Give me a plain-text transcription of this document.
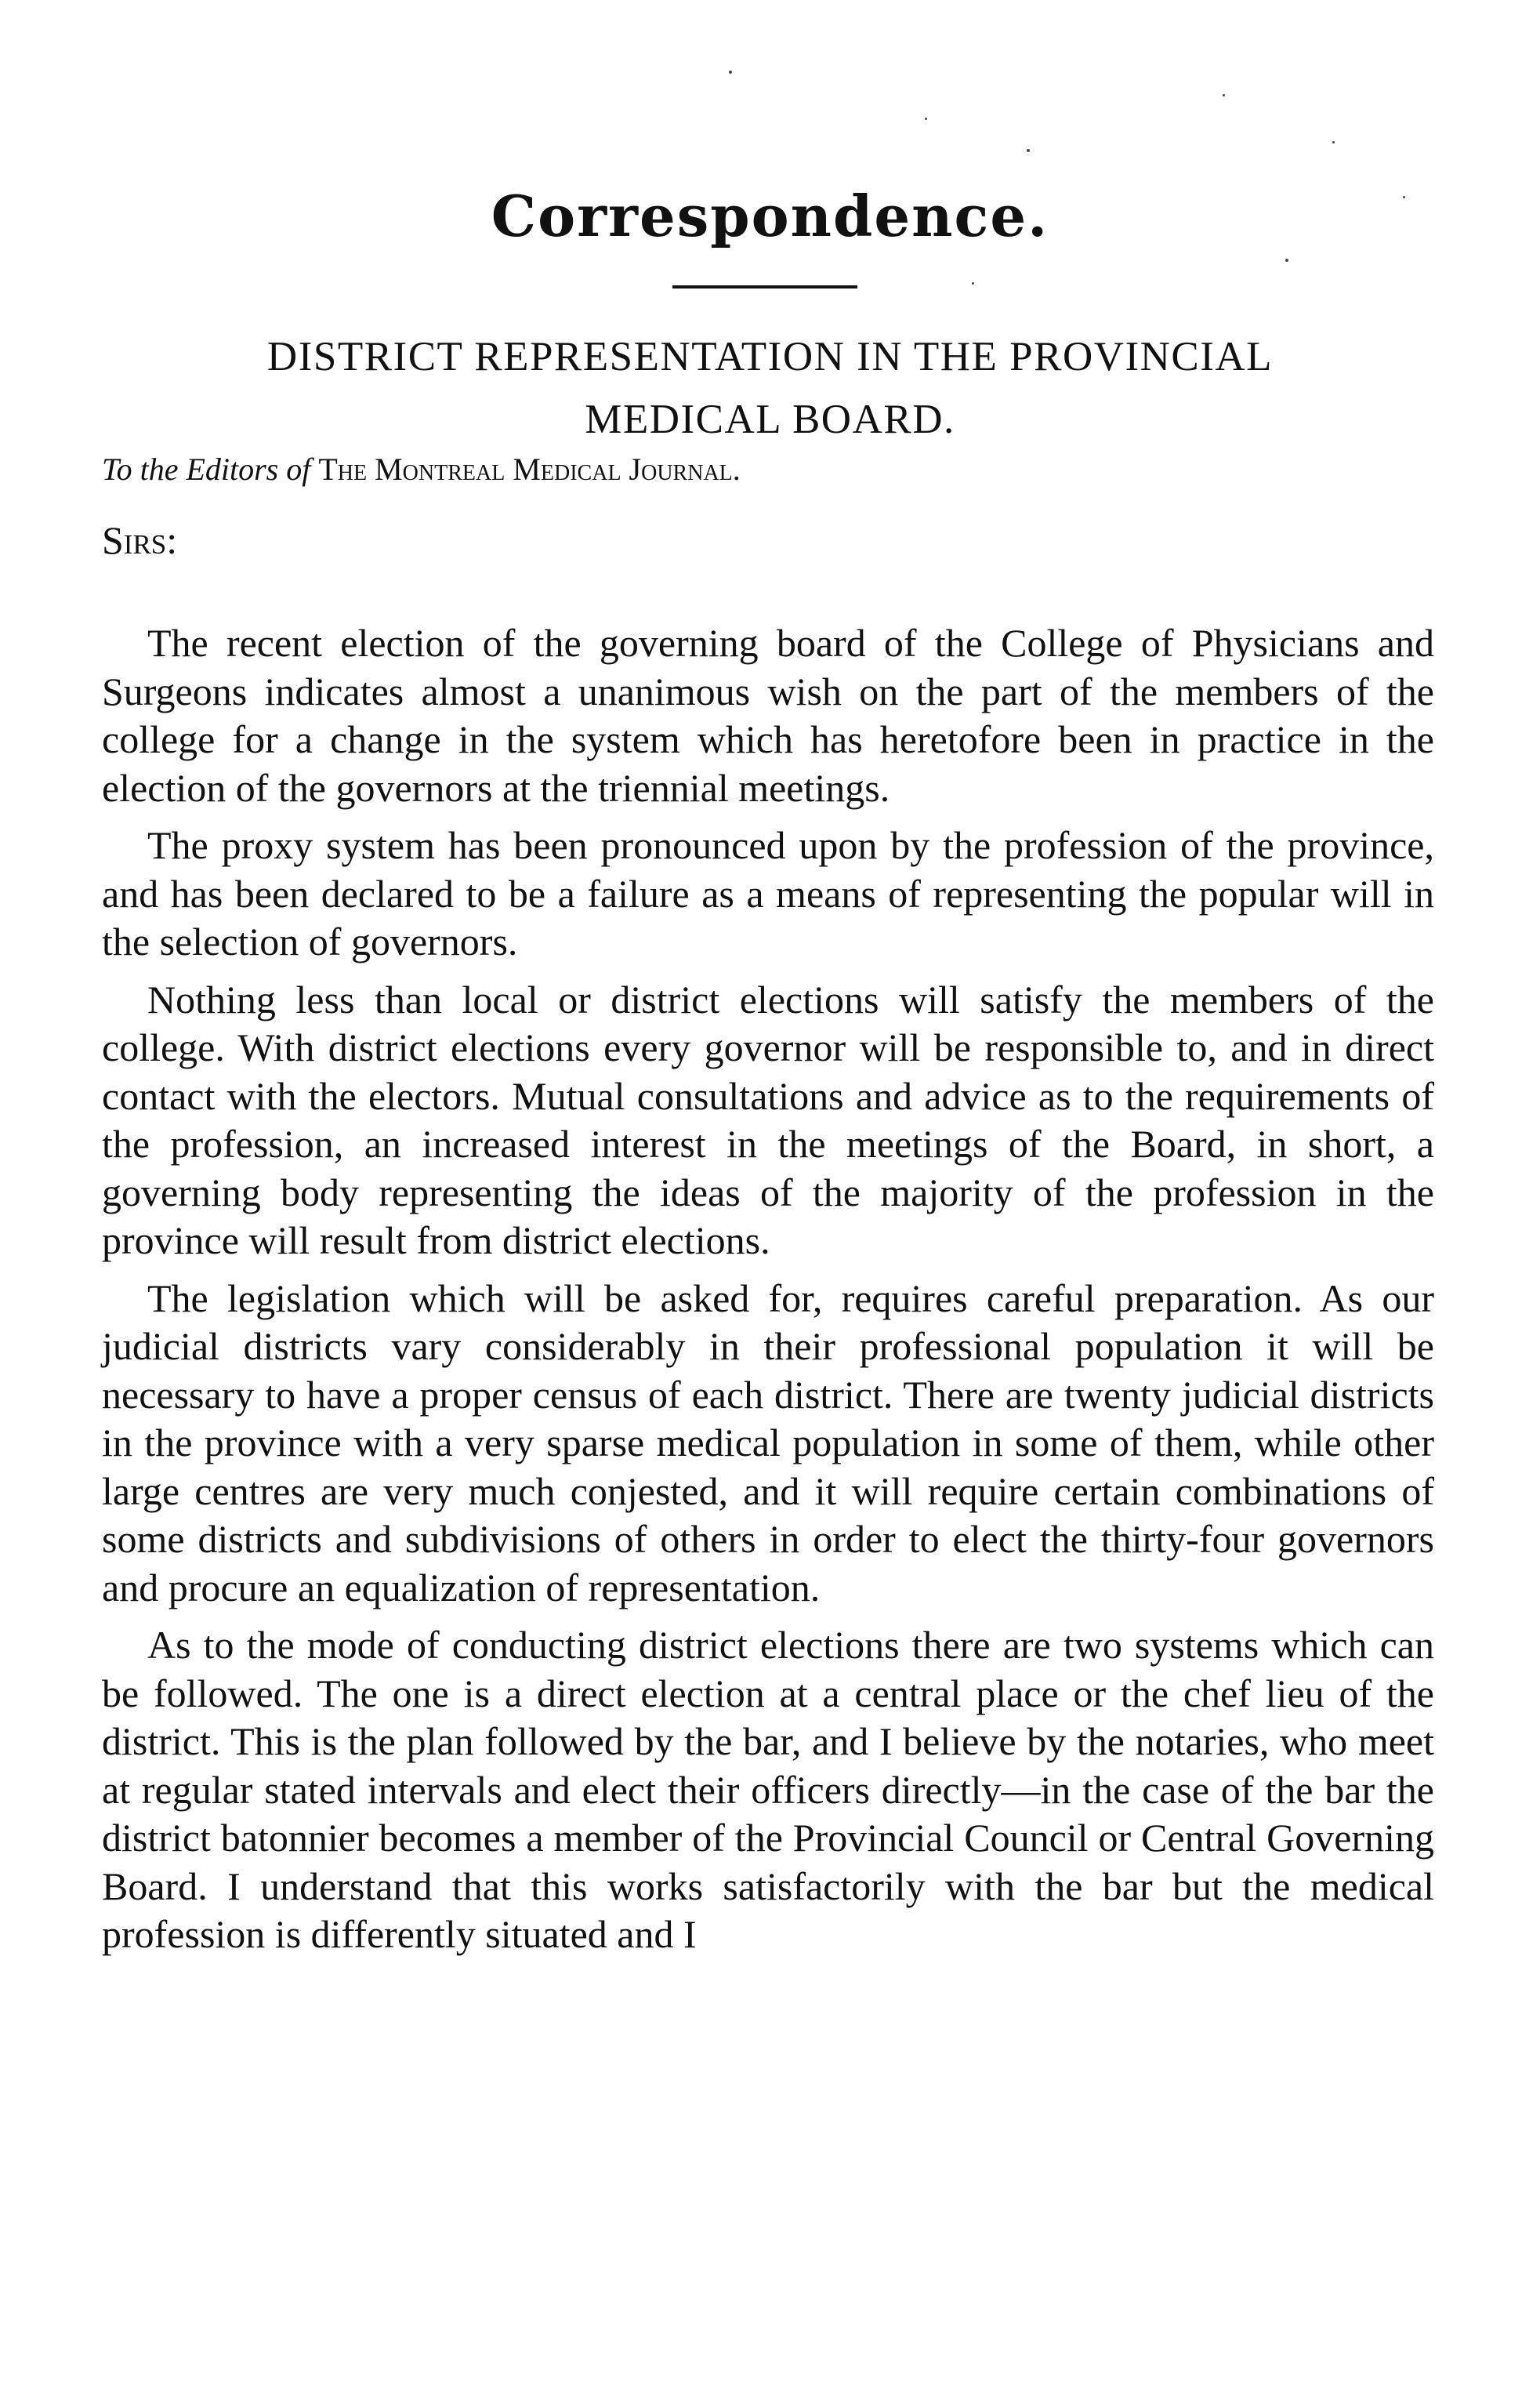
Correspondence.
DISTRICT REPRESENTATION IN THE PROVINCIAL
MEDICAL BOARD.
To the Editors of The Montreal Medical Journal.
Sirs:

The recent election of the governing board of the College of Physicians and Surgeons indicates almost a unanimous wish on the part of the members of the college for a change in the system which has heretofore been in practice in the election of the governors at the triennial meetings.

The proxy system has been pronounced upon by the profession of the province, and has been declared to be a failure as a means of representing the popular will in the selection of governors.

Nothing less than local or district elections will satisfy the members of the college. With district elections every governor will be responsible to, and in direct contact with the electors. Mutual consultations and advice as to the requirements of the profession, an increased interest in the meetings of the Board, in short, a governing body representing the ideas of the majority of the profession in the province will result from district elections.

The legislation which will be asked for, requires careful preparation. As our judicial districts vary considerably in their professional population it will be necessary to have a proper census of each district. There are twenty judicial districts in the province with a very sparse medical population in some of them, while other large centres are very much conjested, and it will require certain combinations of some districts and subdivisions of others in order to elect the thirty-four governors and procure an equalization of representation.

As to the mode of conducting district elections there are two systems which can be followed. The one is a direct election at a central place or the chef lieu of the district. This is the plan followed by the bar, and I believe by the notaries, who meet at regular stated intervals and elect their officers directly—in the case of the bar the district batonnier becomes a member of the Provincial Council or Central Governing Board. I understand that this works satisfactorily with the bar but the medical profession is differently situated and I
